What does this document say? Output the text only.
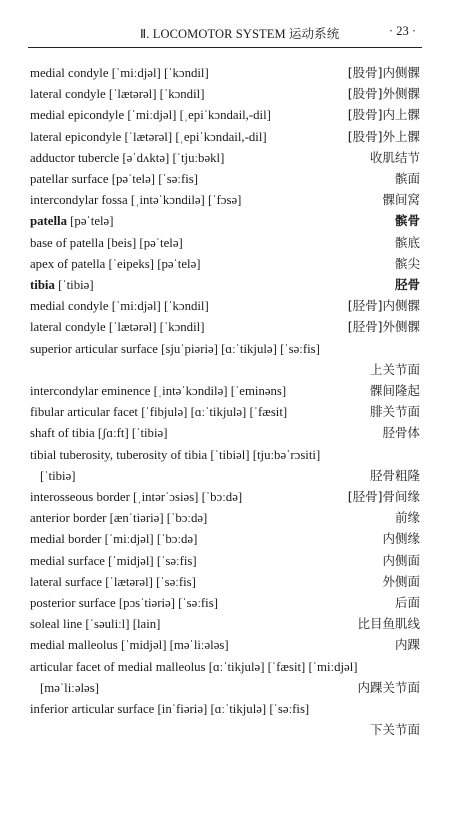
Ⅱ. LOCOMOTOR SYSTEM 运动系统	· 23 ·
medial condyle [ˈmiːdjəl] [ˈkɔndil]	[股骨]内侧髁
lateral condyle [ˈlætərəl] [ˈkɔndil]	[股骨]外侧髁
medial epicondyle [ˈmiːdjəl] [ˌepiˈkɔndail,-dil]	[股骨]内上髁
lateral epicondyle [ˈlætərəl] [ˌepiˈkɔndail,-dil]	[股骨]外上髁
adductor tubercle [əˈdʌktə] [ˈtjuːbəkl]	收肌结节
patellar surface [pəˈtelə] [ˈsəːfis]	髌面
intercondylar fossa [ˌintəˈkɔndilə] [ˈfɔsə]	髁间窝
patella [pəˈtelə]	髌骨
base of patella [beis] [pəˈtelə]	髌底
apex of patella [ˈeipeks] [pəˈtelə]	髌尖
tibia [ˈtibiə]	胫骨
medial condyle [ˈmiːdjəl] [ˈkɔndil]	[胫骨]内侧髁
lateral condyle [ˈlætərəl] [ˈkɔndil]	[胫骨]外侧髁
superior articular surface [sjuˈpiəriə] [ɑːˈtikjulə] [ˈsəːfis]
上关节面
intercondylar eminence [ˌintəˈkɔndilə] [ˈeminəns]	髁间隆起
fibular articular facet [ˈfibjulə] [ɑːˈtikjulə] [ˈfæsit]	腓关节面
shaft of tibia [ʃɑːft] [ˈtibiə]	胫骨体
tibial tuberosity, tuberosity of tibia [ˈtibiəl] [tjuːbəˈrɔsiti]
[ˈtibiə]	胫骨粗隆
interosseous border [ˌintərˈɔsiəs] [ˈbɔːdə]	[胫骨]骨间缘
anterior border [ænˈtiəriə] [ˈbɔːdə]	前缘
medial border [ˈmiːdjəl] [ˈbɔːdə]	内侧缘
medial surface [ˈmidjəl] [ˈsəːfis]	内侧面
lateral surface [ˈlætərəl] [ˈsəːfis]	外侧面
posterior surface [pɔsˈtiəriə] [ˈsəːfis]	后面
soleal line [ˈsəuliːl] [lain]	比目鱼肌线
medial malleolus [ˈmidjəl] [məˈliːələs]	内踝
articular facet of medial malleolus [ɑːˈtikjulə] [ˈfæsit] [ˈmiːdjəl]
[məˈliːələs]	内踝关节面
inferior articular surface [inˈfiəriə] [ɑːˈtikjulə] [ˈsəːfis]
下关节面
